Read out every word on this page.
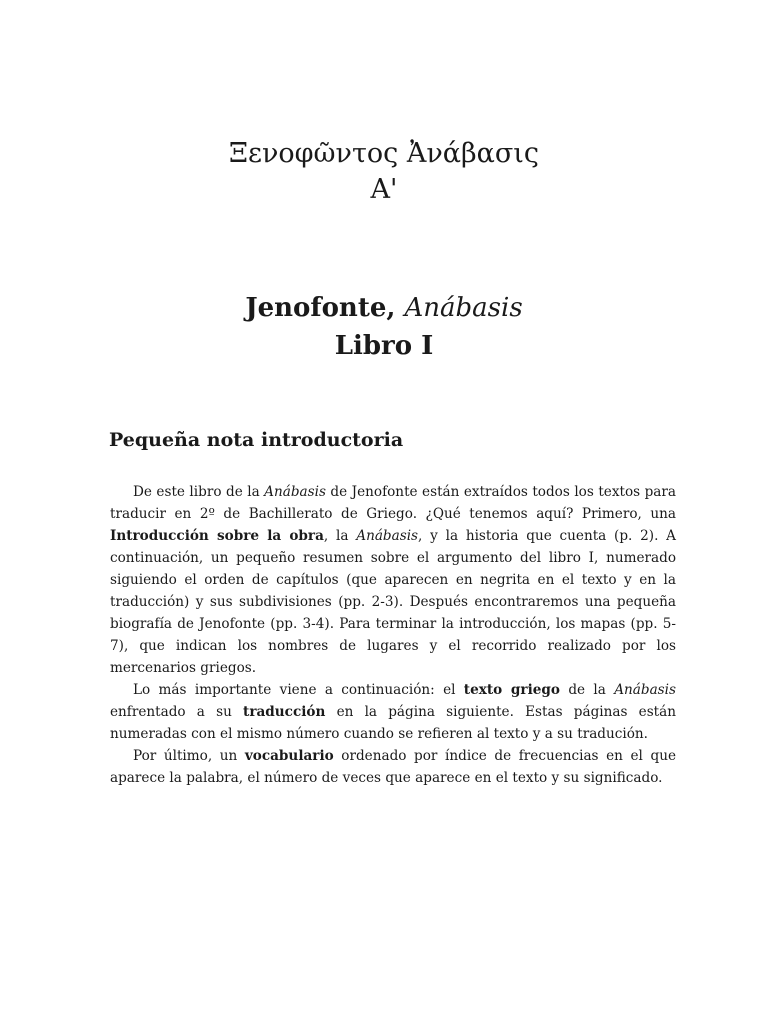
Ξενοφῶντος Ἀνάβασις
Α'
Jenofonte, Anábasis
Libro I
Pequeña nota introductoria

De este libro de la Anábasis de Jenofonte están extraídos todos los textos para traducir en 2º de Bachillerato de Griego. ¿Qué tenemos aquí? Primero, una Introducción sobre la obra, la Anábasis, y la historia que cuenta (p. 2). A continuación, un pequeño resumen sobre el argumento del libro I, numerado siguiendo el orden de capítulos (que aparecen en negrita en el texto y en la traducción) y sus subdivisiones (pp. 2-3). Después encontraremos una pequeña biografía de Jenofonte (pp. 3-4). Para terminar la introducción, los mapas (pp. 5-7), que indican los nombres de lugares y el recorrido realizado por los mercenarios griegos.

Lo más importante viene a continuación: el texto griego de la Anábasis enfrentado a su traducción en la página siguiente. Estas páginas están numeradas con el mismo número cuando se refieren al texto y a su tradución.

Por último, un vocabulario ordenado por índice de frecuencias en el que aparece la palabra, el número de veces que aparece en el texto y su significado.
